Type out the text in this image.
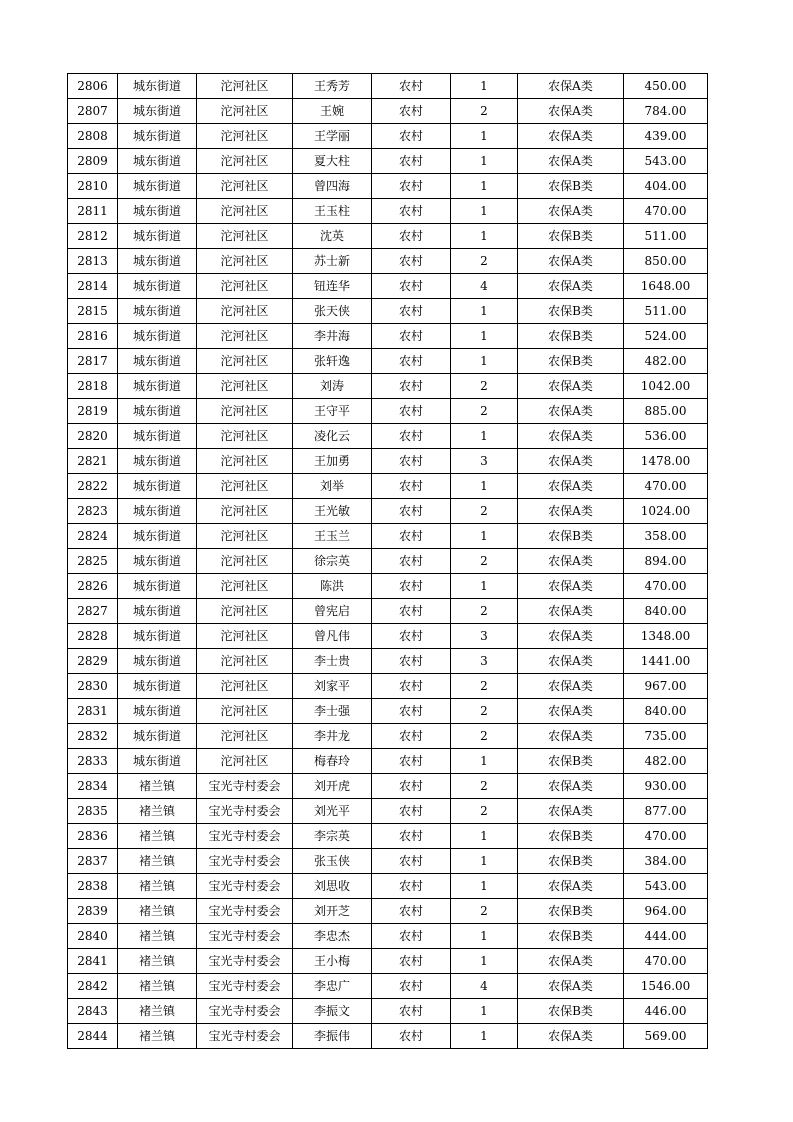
2806	城东街道	沱河社区	王秀芳	农村	1	农保A类	450.00
2807	城东街道	沱河社区	王婉	农村	2	农保A类	784.00
2808	城东街道	沱河社区	王学丽	农村	1	农保A类	439.00
2809	城东街道	沱河社区	夏大柱	农村	1	农保A类	543.00
2810	城东街道	沱河社区	曾四海	农村	1	农保B类	404.00
2811	城东街道	沱河社区	王玉柱	农村	1	农保A类	470.00
2812	城东街道	沱河社区	沈英	农村	1	农保B类	511.00
2813	城东街道	沱河社区	苏士新	农村	2	农保A类	850.00
2814	城东街道	沱河社区	钮连华	农村	4	农保A类	1648.00
2815	城东街道	沱河社区	张天侠	农村	1	农保B类	511.00
2816	城东街道	沱河社区	李井海	农村	1	农保B类	524.00
2817	城东街道	沱河社区	张轩逸	农村	1	农保B类	482.00
2818	城东街道	沱河社区	刘涛	农村	2	农保A类	1042.00
2819	城东街道	沱河社区	王守平	农村	2	农保A类	885.00
2820	城东街道	沱河社区	凌化云	农村	1	农保A类	536.00
2821	城东街道	沱河社区	王加勇	农村	3	农保A类	1478.00
2822	城东街道	沱河社区	刘举	农村	1	农保A类	470.00
2823	城东街道	沱河社区	王光敏	农村	2	农保A类	1024.00
2824	城东街道	沱河社区	王玉兰	农村	1	农保B类	358.00
2825	城东街道	沱河社区	徐宗英	农村	2	农保A类	894.00
2826	城东街道	沱河社区	陈洪	农村	1	农保A类	470.00
2827	城东街道	沱河社区	曾宪启	农村	2	农保A类	840.00
2828	城东街道	沱河社区	曾凡伟	农村	3	农保A类	1348.00
2829	城东街道	沱河社区	李士贵	农村	3	农保A类	1441.00
2830	城东街道	沱河社区	刘家平	农村	2	农保A类	967.00
2831	城东街道	沱河社区	李士强	农村	2	农保A类	840.00
2832	城东街道	沱河社区	李井龙	农村	2	农保A类	735.00
2833	城东街道	沱河社区	梅春玲	农村	1	农保B类	482.00
2834	褚兰镇	宝光寺村委会	刘开虎	农村	2	农保A类	930.00
2835	褚兰镇	宝光寺村委会	刘光平	农村	2	农保A类	877.00
2836	褚兰镇	宝光寺村委会	李宗英	农村	1	农保B类	470.00
2837	褚兰镇	宝光寺村委会	张玉侠	农村	1	农保B类	384.00
2838	褚兰镇	宝光寺村委会	刘思收	农村	1	农保A类	543.00
2839	褚兰镇	宝光寺村委会	刘开芝	农村	2	农保B类	964.00
2840	褚兰镇	宝光寺村委会	李忠杰	农村	1	农保B类	444.00
2841	褚兰镇	宝光寺村委会	王小梅	农村	1	农保A类	470.00
2842	褚兰镇	宝光寺村委会	李忠广	农村	4	农保A类	1546.00
2843	褚兰镇	宝光寺村委会	李振文	农村	1	农保B类	446.00
2844	褚兰镇	宝光寺村委会	李振伟	农村	1	农保A类	569.00
